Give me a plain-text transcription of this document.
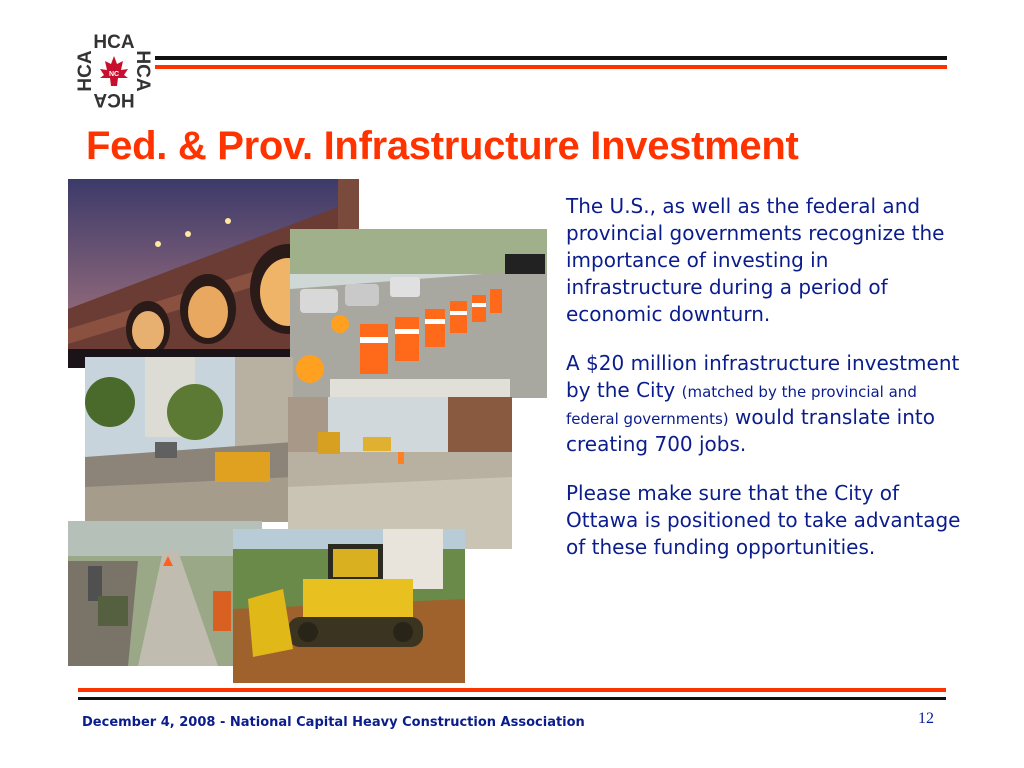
HCA
HCA
HCA
HCA NC
Fed. & Prov. Infrastructure Investment

The U.S., as well as the federal and provincial governments recognize the importance of investing in infrastructure during a period of economic downturn.

A $20 million infrastructure investment by the City (matched by the provincial and federal governments) would translate into creating 700 jobs.

Please make sure that the City of Ottawa is positioned to take advantage of these funding opportunities.

December 4, 2008 - National Capital Heavy Construction Association	12
